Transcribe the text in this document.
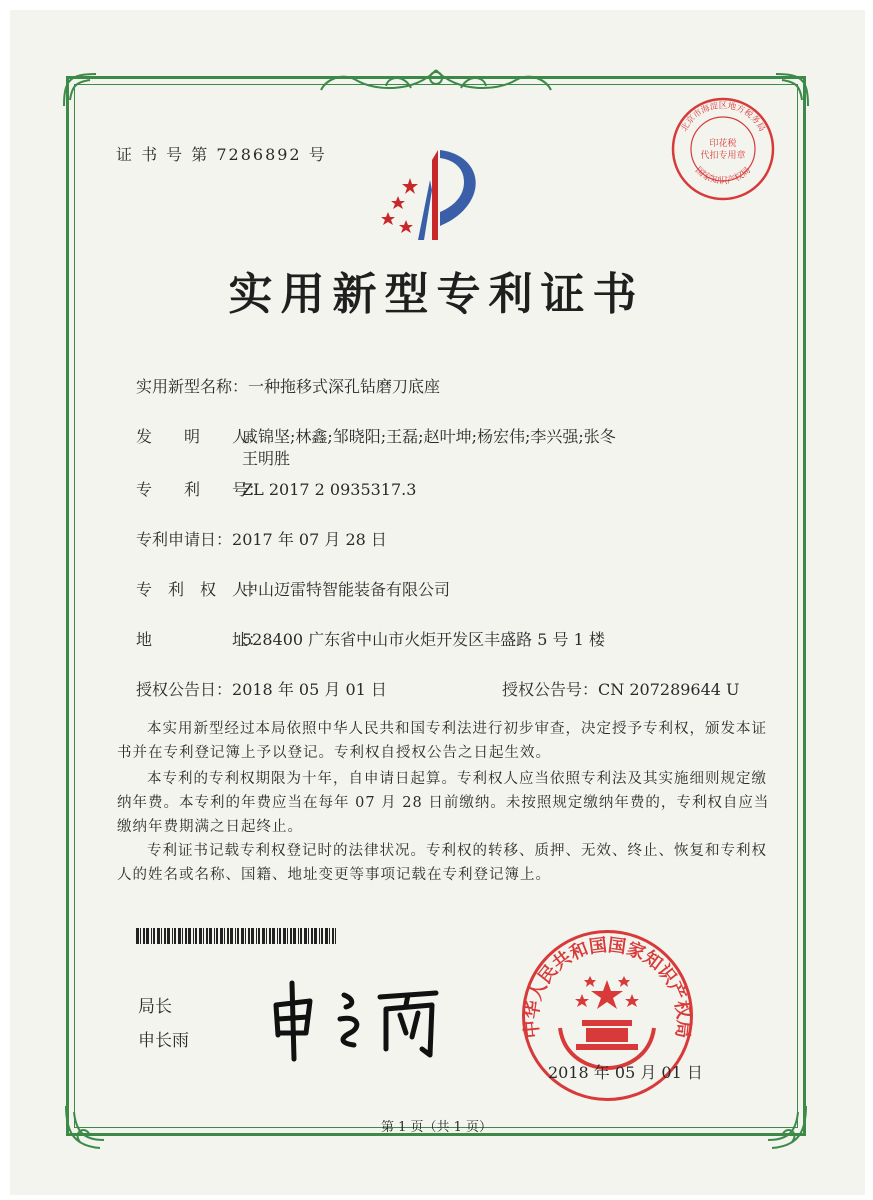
证 书 号 第 7286892 号
北京市海淀区地方税务局
国家知识产权局
印花税
代扣专用章
实用新型专利证书
实用新型名称：一种拖移式深孔钻磨刀底座
发　　明　　人：戚锦坚;林鑫;邹晓阳;王磊;赵叶坤;杨宏伟;李兴强;张冬
王明胜
专　　利　　号：ZL 2017 2 0935317.3
专利申请日：2017 年 07 月 28 日
专　利　权　人：中山迈雷特智能装备有限公司
地　　　　　址：528400 广东省中山市火炬开发区丰盛路 5 号 1 楼
授权公告日：2018 年 05 月 01 日	授权公告号：CN 207289644 U
本实用新型经过本局依照中华人民共和国专利法进行初步审查，决定授予专利权，颁发本证书并在专利登记簿上予以登记。专利权自授权公告之日起生效。
本专利的专利权期限为十年，自申请日起算。专利权人应当依照专利法及其实施细则规定缴纳年费。本专利的年费应当在每年 07 月 28 日前缴纳。未按照规定缴纳年费的，专利权自应当缴纳年费期满之日起终止。
专利证书记载专利权登记时的法律状况。专利权的转移、质押、无效、终止、恢复和专利权人的姓名或名称、国籍、地址变更等事项记载在专利登记簿上。
局长
申长雨
中华人民共和国国家知识产权局
2018 年 05 月 01 日
第 1 页（共 1 页）
